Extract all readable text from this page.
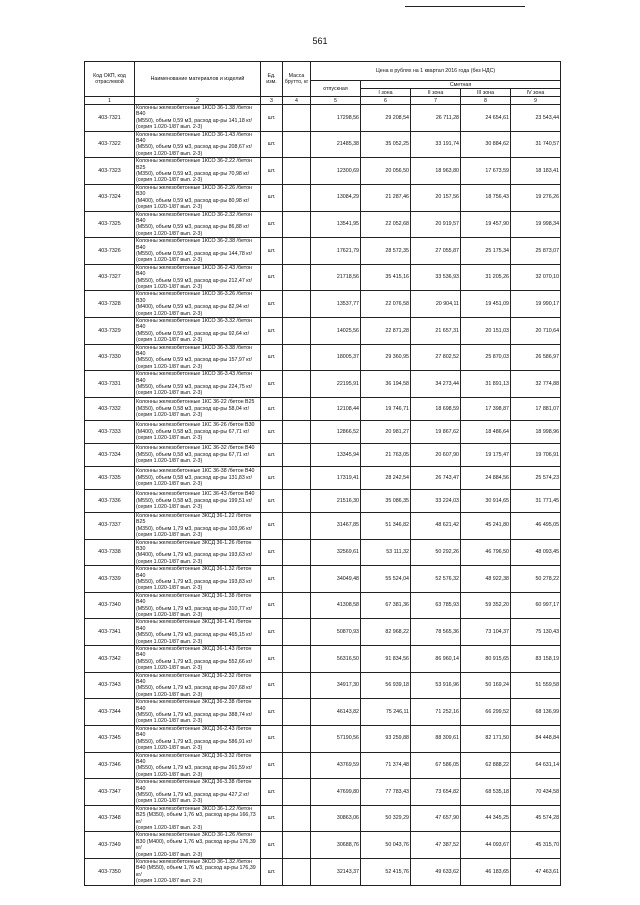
561
Код ОКП, код отраслевой	Наименование материалов и изделий	Ед. изм.	Масса брутто, кг	Цена в рублях на 1 квартал 2016 года (без НДС)				
				отпускная	Сметная			
					I зона	II зона	III зона	IV зона
1	2	3	4	5	6	7	8	9
403-7321	Колонны железобетонные 1КСО 36-1.38 /бетон В40
(М550), объем 0,59 м3, расход ар-ры 141,18 кг/
(серия 1.020-1/87 вып. 2-3)	шт.		17298,56	29 208,54	26 711,28	24 654,61	23 543,44
403-7322	Колонны железобетонные 1КСО 36-1.43 /бетон В40
(М550), объем 0,59 м3, расход ар-ры 208,67 кг/
(серия 1.020-1/87 вып. 2-3)	шт.		21485,38	35 052,25	33 191,74	30 884,62	31 740,57
403-7323	Колонны железобетонные 1КСО 36-2.22 /бетон В25
(М350), объем 0,59 м3, расход ар-ры 70,98 кг/
(серия 1.020-1/87 вып. 2-3)	шт.		12300,69	20 056,50	18 963,80	17 673,59	18 183,41
403-7324	Колонны железобетонные 1КСО 36-2.26 /бетон В30
(М400), объем 0,59 м3, расход ар-ры 80,98 кг/
(серия 1.020-1/87 вып. 2-3)	шт.		13084,29	21 287,46	20 157,56	18 756,43	19 276,26
403-7325	Колонны железобетонные 1КСО 36-2.32 /бетон В40
(М550), объем 0,59 м3, расход ар-ры 86,88 кг/
(серия 1.020-1/87 вып. 2-3)	шт.		13541,95	22 052,68	20 919,57	19 457,90	19 998,34
403-7326	Колонны железобетонные 1КСО 36-2.38 /бетон В40
(М550), объем 0,59 м3, расход ар-ры 144,78 кг/
(серия 1.020-1/87 вып. 2-3)	шт.		17621,79	28 572,35	27 055,87	25 175,34	25 873,07
403-7327	Колонны железобетонные 1КСО 36-2.43 /бетон В40
(М550), объем 0,59 м3, расход ар-ры 212,47 кг/
(серия 1.020-1/87 вып. 2-3)	шт.		21718,56	35 415,16	33 536,93	31 205,26	32 070,10
403-7328	Колонны железобетонные 1КСО 36-3.26 /бетон В30
(М400), объем 0,59 м3, расход ар-ры 82,94 кг/
(серия 1.020-1/87 вып. 2-3)	шт.		13537,77	22 076,58	20 904,11	19 451,09	19 990,17
403-7329	Колонны железобетонные 1КСО 36-3.32 /бетон В40
(М550), объем 0,59 м3, расход ар-ры 92,64 кг/
(серия 1.020-1/87 вып. 2-3)	шт.		14025,56	22 871,28	21 657,31	20 151,03	20 710,64
403-7330	Колонны железобетонные 1КСО 36-3.38 /бетон В40
(М550), объем 0,59 м3, расход ар-ры 157,97 кг/
(серия 1.020-1/87 вып. 2-3)	шт.		18005,37	29 360,95	27 802,52	25 870,03	26 586,97
403-7331	Колонны железобетонные 1КСО 36-3.43 /бетон В40
(М550), объем 0,59 м3, расход ар-ры 224,75 кг/
(серия 1.020-1/87 вып. 2-3)	шт.		22195,91	36 194,58	34 273,44	31 891,13	32 774,88
403-7332	Колонны железобетонные 1КС 36-22 /бетон В25
(М350), объем 0,58 м3, расход ар-ры 58,04 кг/
(серия 1.020-1/87 вып. 2-3)	шт.		12108,44	19 746,71	18 698,59	17 398,87	17 881,07
403-7333	Колонны железобетонные 1КС 36-26 /бетон В30
(М400), объем 0,58 м3, расход ар-ры 67,71 кг/
(серия 1.020-1/87 вып. 2-3)	шт.		12866,52	20 981,27	19 867,62	18 486,64	18 998,96
403-7334	Колонны железобетонные 1КС 36-32 /бетон В40
(М550), объем 0,58 м3, расход ар-ры 67,71 кг/
(серия 1.020-1/87 вып. 2-3)	шт.		13345,94	21 763,05	20 607,90	19 175,47	19 706,91
403-7335	Колонны железобетонные 1КС 36-38 /бетон В40
(М550), объем 0,58 м3, расход ар-ры 131,83 кг/
(серия 1.020-1/87 вып. 2-3)	шт.		17319,41	28 242,54	26 743,47	24 884,56	25 574,23
403-7336	Колонны железобетонные 1КС 36-43 /бетон В40
(М550), объем 0,58 м3, расход ар-ры 199,51 кг/
(серия 1.020-1/87 вып. 2-3)	шт.		21516,30	35 086,35	33 224,03	30 914,65	31 771,45
403-7337	Колонны железобетонные 3КСД 36-1.22 /бетон В25
(М350), объем 1,79 м3, расход ар-ры 103,96 кг/
(серия 1.020-1/87 вып. 2-3)	шт.		31467,85	51 346,82	48 621,42	45 241,80	46 495,05
403-7338	Колонны железобетонные 3КСД 36-1.26 /бетон В30
(М400), объем 1,79 м3, расход ар-ры 193,63 кг/
(серия 1.020-1/87 вып. 2-3)	шт.		32569,61	53 111,32	50 292,26	46 796,50	48 093,45
403-7339	Колонны железобетонные 3КСД 36-1.32 /бетон В40
(М550), объем 1,79 м3, расход ар-ры 193,83 кг/
(серия 1.020-1/87 вып. 2-3)	шт.		34049,48	55 524,04	52 576,32	48 922,38	50 278,22
403-7340	Колонны железобетонные 3КСД 36-1.38 /бетон В40
(М550), объем 1,79 м3, расход ар-ры 310,77 кг/
(серия 1.020-1/87 вып. 2-3)	шт.		41308,58	67 381,36	63 785,93	59 352,20	60 997,17
403-7341	Колонны железобетонные 3КСД 36-1.41 /бетон В40
(М550), объем 1,79 м3, расход ар-ры 465,15 кг/
(серия 1.020-1/87 вып. 2-3)	шт.		50870,93	82 968,22	78 565,36	73 104,37	75 130,43
403-7342	Колонны железобетонные 3КСД 36-1.43 /бетон В40
(М550), объем 1,79 м3, расход ар-ры 552,66 кг/
(серия 1.020-1/87 вып. 2-3)	шт.		56316,50	91 834,56	86 960,14	80 915,65	83 158,19
403-7343	Колонны железобетонные 3КСД 36-2.32 /бетон В40
(М550), объем 1,79 м3, расход ар-ры 207,68 кг/
(серия 1.020-1/87 вып. 2-3)	шт.		34917,30	56 939,18	53 916,96	50 169,24	51 559,58
403-7344	Колонны железобетонные 3КСД 36-2.38 /бетон В40
(М550), объем 1,79 м3, расход ар-ры 388,74 кг/
(серия 1.020-1/87 вып. 2-3)	шт.		46143,82	75 246,11	71 252,16	66 299,52	68 136,99
403-7345	Колонны железобетонные 3КСД 36-2.43 /бетон В40
(М550), объем 1,79 м3, расход ар-ры 586,91 кг/
(серия 1.020-1/87 вып. 2-3)	шт.		57190,56	93 259,88	88 309,61	82 171,50	84 448,84
403-7346	Колонны железобетонные 3КСД 36-3.32 /бетон В40
(М550), объем 1,79 м3, расход ар-ры 261,59 кг/
(серия 1.020-1/87 вып. 2-3)	шт.		43769,59	71 374,48	67 586,05	62 888,22	64 631,14
403-7347	Колонны железобетонные 3КСД 36-3.38 /бетон В40
(М550), объем 1,79 м3, расход ар-ры 427,2 кг/
(серия 1.020-1/87 вып. 2-3)	шт.		47699,80	77 783,43	73 654,82	68 535,18	70 434,58
403-7348	Колонны железобетонные 3КСО 36-1.22 /бетон
В25 (М350), объем 1,76 м3, расход ар-ры 166,73 кг/
(серия 1.020-1/87 вып. 2-3)	шт.		30863,06	50 329,29	47 657,90	44 345,25	45 574,28
403-7349	Колонны железобетонные 3КСО 36-1.26 /бетон
В30 (М400), объем 1,76 м3, расход ар-ры 176,39 кг/
(серия 1.020-1/87 вып. 2-3)	шт.		30688,76	50 043,76	47 387,52	44 093,67	45 315,70
403-7350	Колонны железобетонные 3КСО 36-1.32 /бетон
В40 (М550), объем 1,76 м3, расход ар-ры 176,39 кг/
(серия 1.020-1/87 вып. 2-3)	шт.		32143,37	52 415,76	49 633,62	46 183,65	47 463,61
